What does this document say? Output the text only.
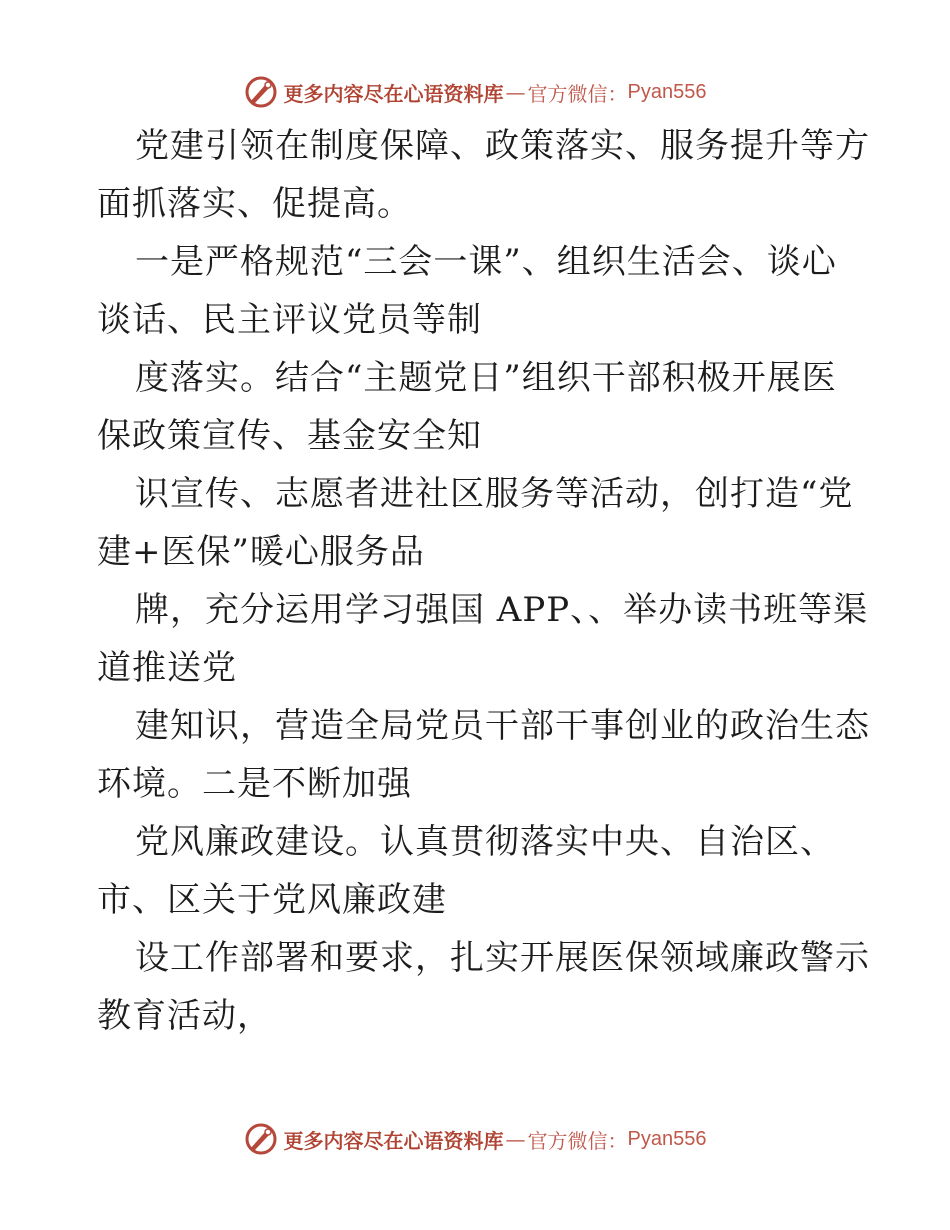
更多内容尽在心语资料库 — 官方微信： Pyan556

党建引领在制度保障、政策落实、服务提升等方
面抓落实、促提高。

一是严格规范“三会一课”、组织生活会、谈心
谈话、民主评议党员等制

度落实。结合“主题党日”组织干部积极开展医
保政策宣传、基金安全知

识宣传、志愿者进社区服务等活动，创打造“党
建+医保”暖心服务品

牌，充分运用学习强国 APP、、举办读书班等渠
道推送党

建知识，营造全局党员干部干事创业的政治生态
环境。二是不断加强

党风廉政建设。认真贯彻落实中央、自治区、
市、区关于党风廉政建

设工作部署和要求，扎实开展医保领域廉政警示
教育活动，

更多内容尽在心语资料库 — 官方微信： Pyan556
